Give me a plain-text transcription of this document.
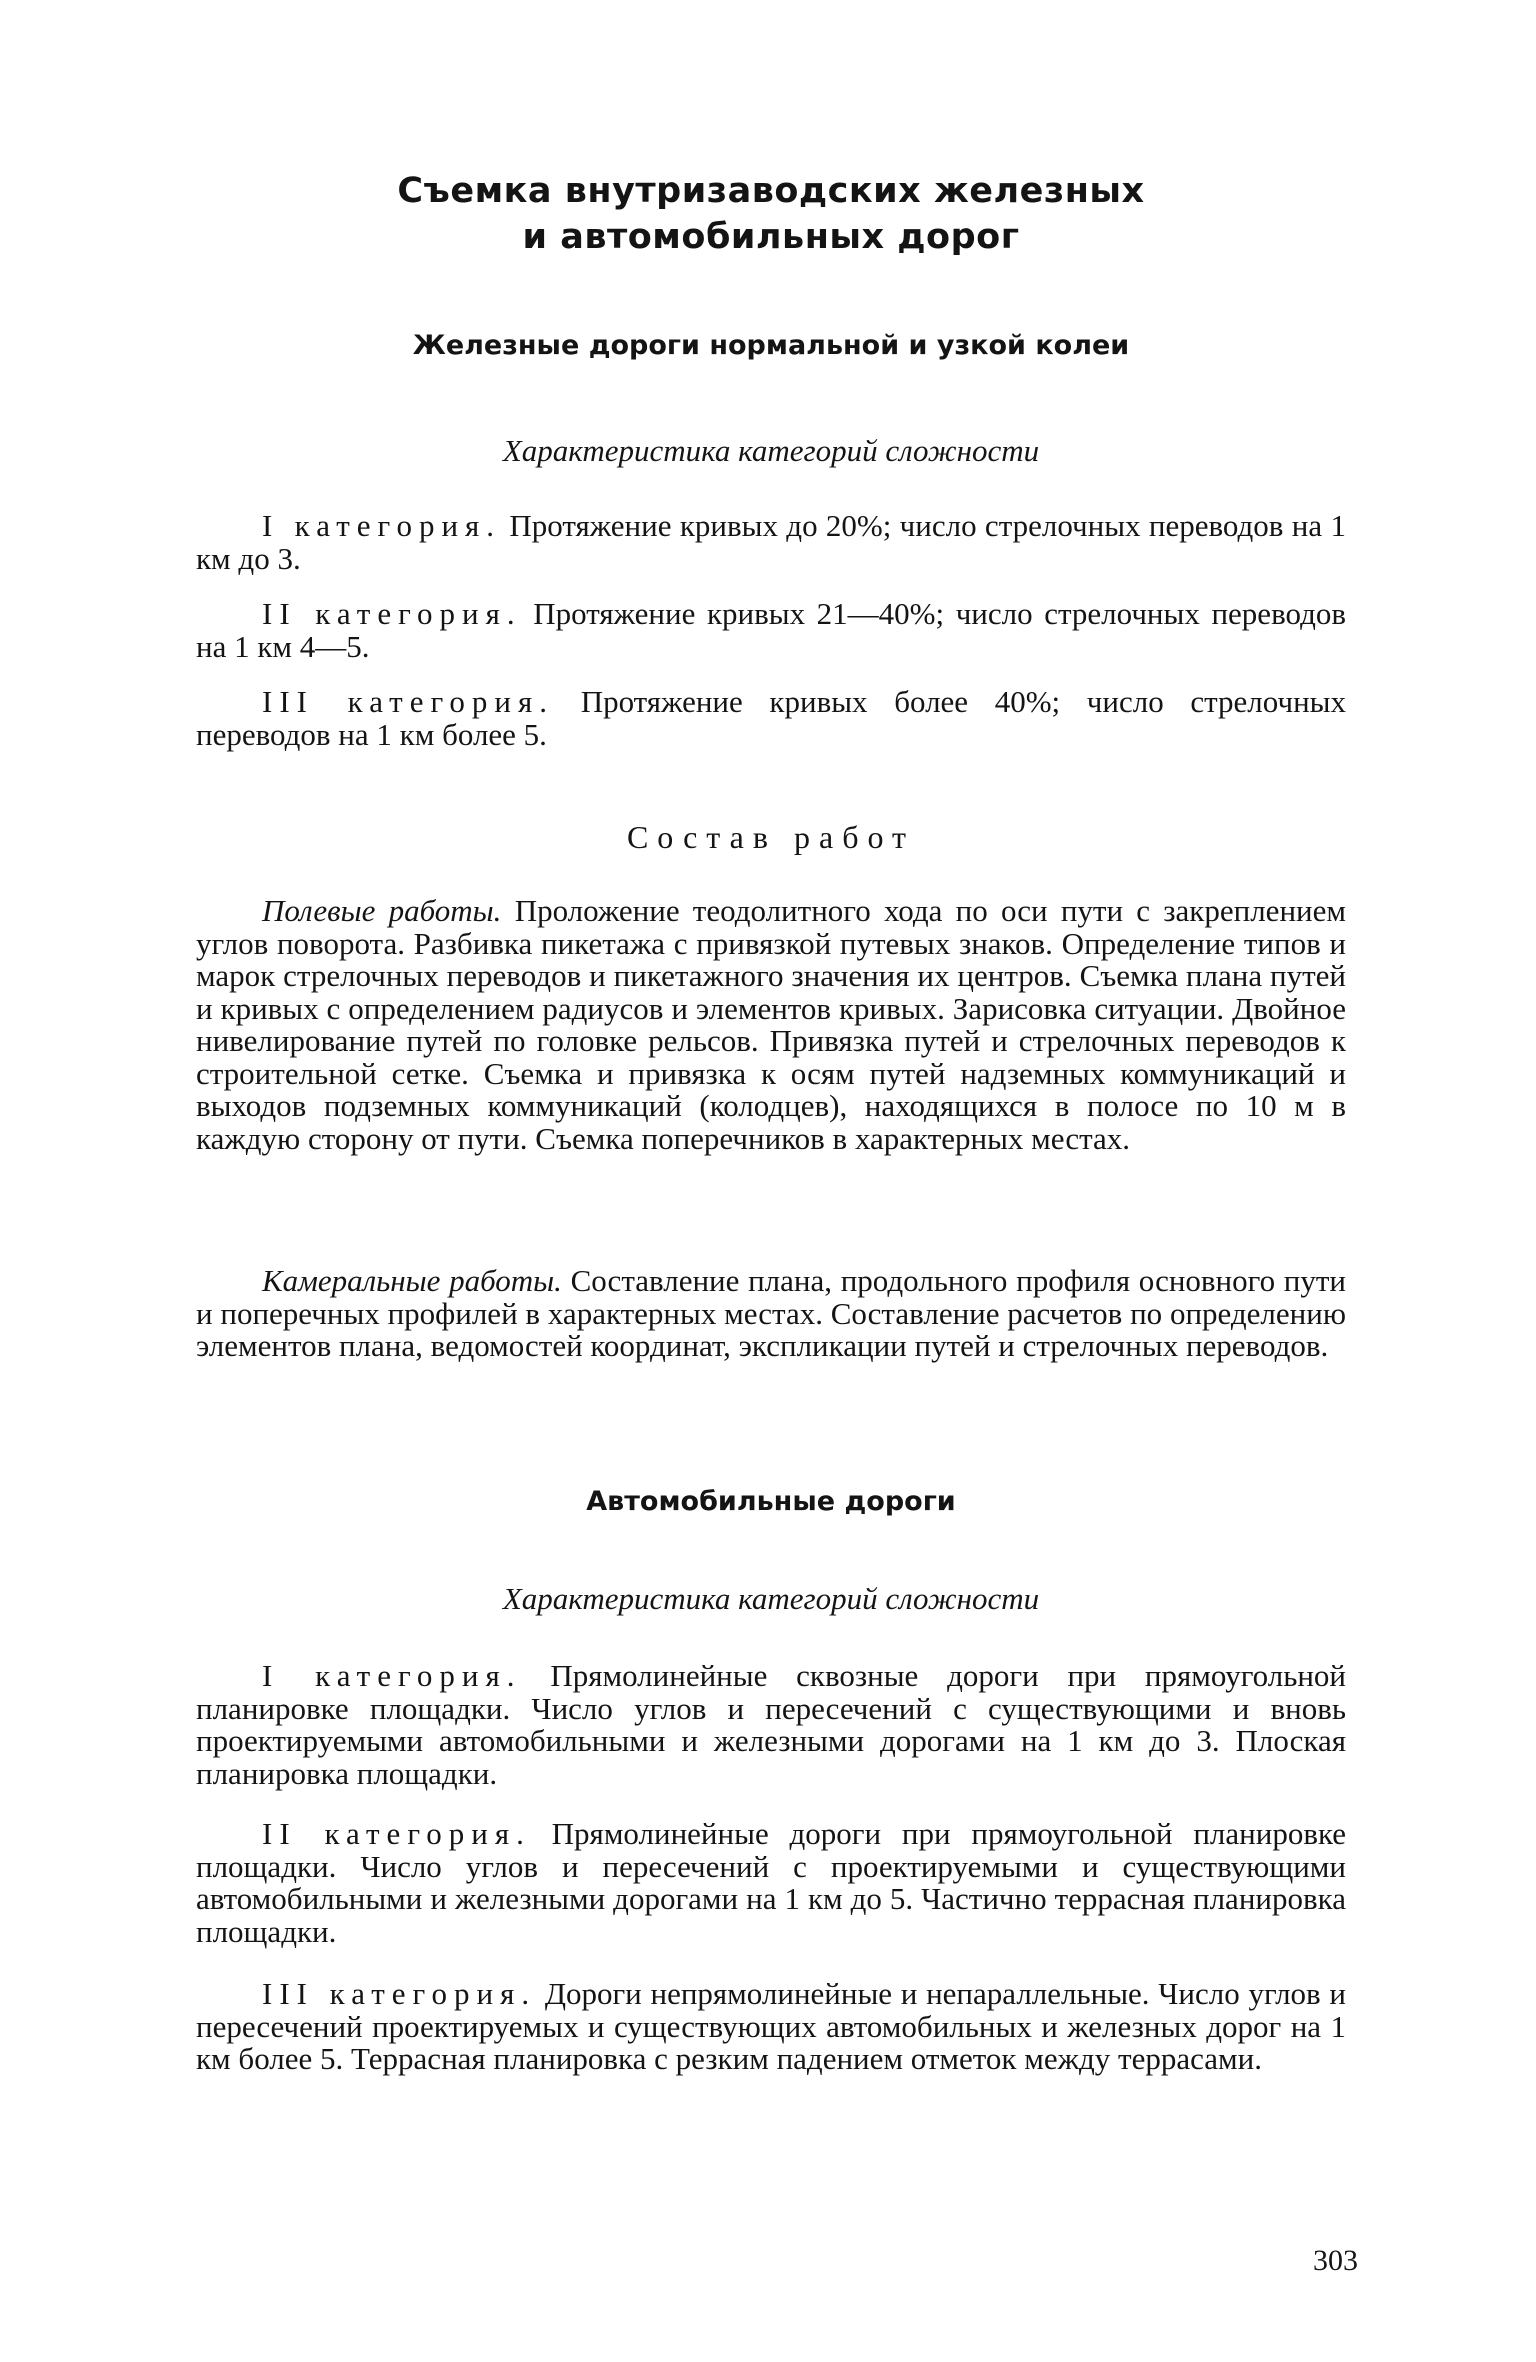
Съемка внутризаводских железных
и автомобильных дорог
Железные дороги нормальной и узкой колеи
Характеристика категорий сложности

I категория. Протяжение кривых до 20%; число стрелочных переводов на 1 км до 3.

II категория. Протяжение кривых 21—40%; число стрелочных переводов на 1 км 4—5.

III категория. Протяжение кривых более 40%; число стрелочных переводов на 1 км более 5.

Состав работ

Полевые работы. Проложение теодолитного хода по оси пути с закреплением углов поворота. Разбивка пикетажа с привязкой путевых знаков. Определение типов и марок стрелочных переводов и пикетажного значения их центров. Съемка плана путей и кривых с определением радиусов и элементов кривых. Зарисовка ситуации. Двойное нивелирование путей по головке рельсов. Привязка путей и стрелочных переводов к строительной сетке. Съемка и привязка к осям путей надземных коммуникаций и выходов подземных коммуникаций (колодцев), находящихся в полосе по 10 м в каждую сторону от пути. Съемка поперечников в характерных местах.

Камеральные работы. Составление плана, продольного профиля основного пути и поперечных профилей в характерных местах. Составление расчетов по определению элементов плана, ведомостей координат, экспликации путей и стрелочных переводов.

Автомобильные дороги
Характеристика категорий сложности

I категория. Прямолинейные сквозные дороги при прямоугольной планировке площадки. Число углов и пересечений с существующими и вновь проектируемыми автомобильными и железными дорогами на 1 км до 3. Плоская планировка площадки.

II категория. Прямолинейные дороги при прямоугольной планировке площадки. Число углов и пересечений с проектируемыми и существующими автомобильными и железными дорогами на 1 км до 5. Частично террасная планировка площадки.

III категория. Дороги непрямолинейные и непараллельные. Число углов и пересечений проектируемых и существующих автомобильных и железных дорог на 1 км более 5. Террасная планировка с резким падением отметок между террасами.

303
